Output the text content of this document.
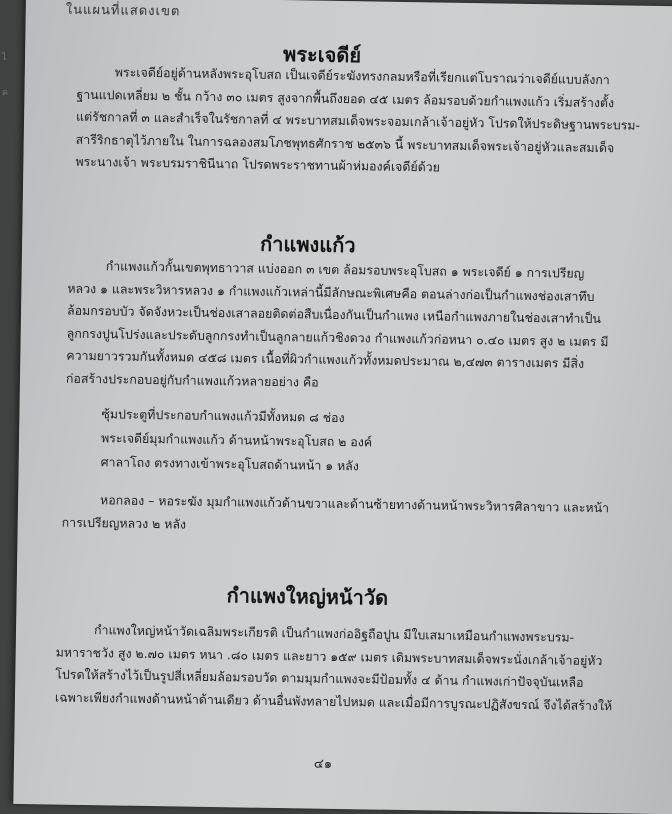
ไ
ค
ในแผนที่แสดงเขต
พระเจดีย์
พระเจดีย์อยู่ด้านหลังพระอุโบสถ เป็นเจดีย์ระฆังทรงกลมหรือที่เรียกแต่โบราณว่าเจดีย์แบบลังกา
ฐานแปดเหลี่ยม ๒ ชั้น กว้าง ๓๐ เมตร สูงจากพื้นถึงยอด ๔๕ เมตร ล้อมรอบด้วยกำแพงแก้ว เริ่มสร้างตั้ง
แต่รัชกาลที่ ๓ และสำเร็จในรัชกาลที่ ๔ พระบาทสมเด็จพระจอมเกล้าเจ้าอยู่หัว โปรดให้ประดิษฐานพระบรม-
สารีริกธาตุไว้ภายใน ในการฉลองสมโภชพุทธศักราช ๒๕๓๖ นี้ พระบาทสมเด็จพระเจ้าอยู่หัวและสมเด็จ
พระนางเจ้า พระบรมราชินีนาถ โปรดพระราชทานผ้าห่มองค์เจดีย์ด้วย
กำแพงแก้ว
กำแพงแก้วกั้นเขตพุทธาวาส แบ่งออก ๓ เขต ล้อมรอบพระอุโบสถ ๑ พระเจดีย์ ๑ การเปรียญ
หลวง ๑ และพระวิหารหลวง ๑ กำแพงแก้วเหล่านี้มีลักษณะพิเศษคือ ตอนล่างก่อเป็นกำแพงช่องเสาทึบ
ล้อมกรอบบัว จัดจังหวะเป็นช่องเสาลอยติดต่อสืบเนื่องกันเป็นกำแพง เหนือกำแพงภายในช่องเสาทำเป็น
ลูกกรงปูนโปร่งและประดับลูกกรงทำเป็นลูกลายแก้วชิงดวง กำแพงแก้วก่อหนา ๐.๔๐ เมตร สูง ๒ เมตร มี
ความยาวรวมกันทั้งหมด ๔๕๘ เมตร เนื้อที่ผิวกำแพงแก้วทั้งหมดประมาณ ๒,๔๗๓ ตารางเมตร มีสิ่ง
ก่อสร้างประกอบอยู่กับกำแพงแก้วหลายอย่าง คือ
ซุ้มประตูที่ประกอบกำแพงแก้วมีทั้งหมด ๘ ช่อง
พระเจดีย์มุมกำแพงแก้ว ด้านหน้าพระอุโบสถ ๒ องค์
ศาลาโถง ตรงทางเข้าพระอุโบสถด้านหน้า ๑ หลัง
หอกลอง – หอระฆัง มุมกำแพงแก้วด้านขวาและด้านซ้ายทางด้านหน้าพระวิหารศิลาขาว และหน้า
การเปรียญหลวง ๒ หลัง
กำแพงใหญ่หน้าวัด
กำแพงใหญ่หน้าวัดเฉลิมพระเกียรติ เป็นกำแพงก่ออิฐถือปูน มีใบเสมาเหมือนกำแพงพระบรม-
มหาราชวัง สูง ๒.๗๐ เมตร หนา .๘๐ เมตร และยาว ๑๕๙ เมตร เดิมพระบาทสมเด็จพระนั่งเกล้าเจ้าอยู่หัว
โปรดให้สร้างไว้เป็นรูปสี่เหลี่ยมล้อมรอบวัด ตามมุมกำแพงจะมีป้อมทั้ง ๔ ด้าน กำแพงเก่าปัจจุบันเหลือ
เฉพาะเพียงกำแพงด้านหน้าด้านเดียว ด้านอื่นพังทลายไปหมด และเมื่อมีการบูรณะปฏิสังขรณ์ จึงได้สร้างให้
๔๑
